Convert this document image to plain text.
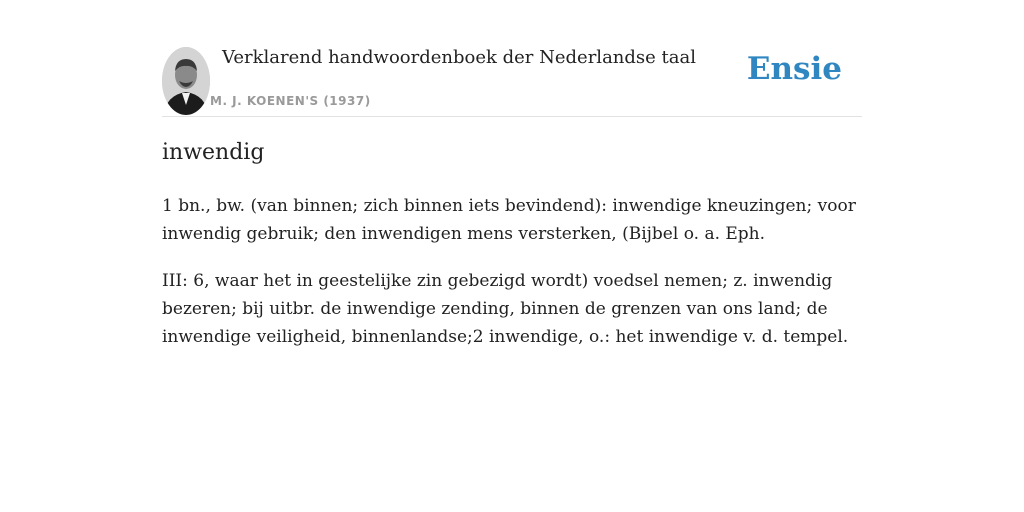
Verklarend handwoordenboek der Nederlandse taal
M. J. KOENEN'S (1937)
Ensie
inwendig

1 bn., bw. (van binnen; zich binnen iets bevindend): inwendige kneuzingen; voor inwendig gebruik; den inwendigen mens versterken, (Bijbel o. a. Eph.

III: 6, waar het in geestelijke zin gebezigd wordt) voedsel nemen; z. inwendig bezeren; bij uitbr. de inwendige zending, binnen de grenzen van ons land; de inwendige veiligheid, binnenlandse;2 inwendige, o.: het inwendige v. d. tempel.
